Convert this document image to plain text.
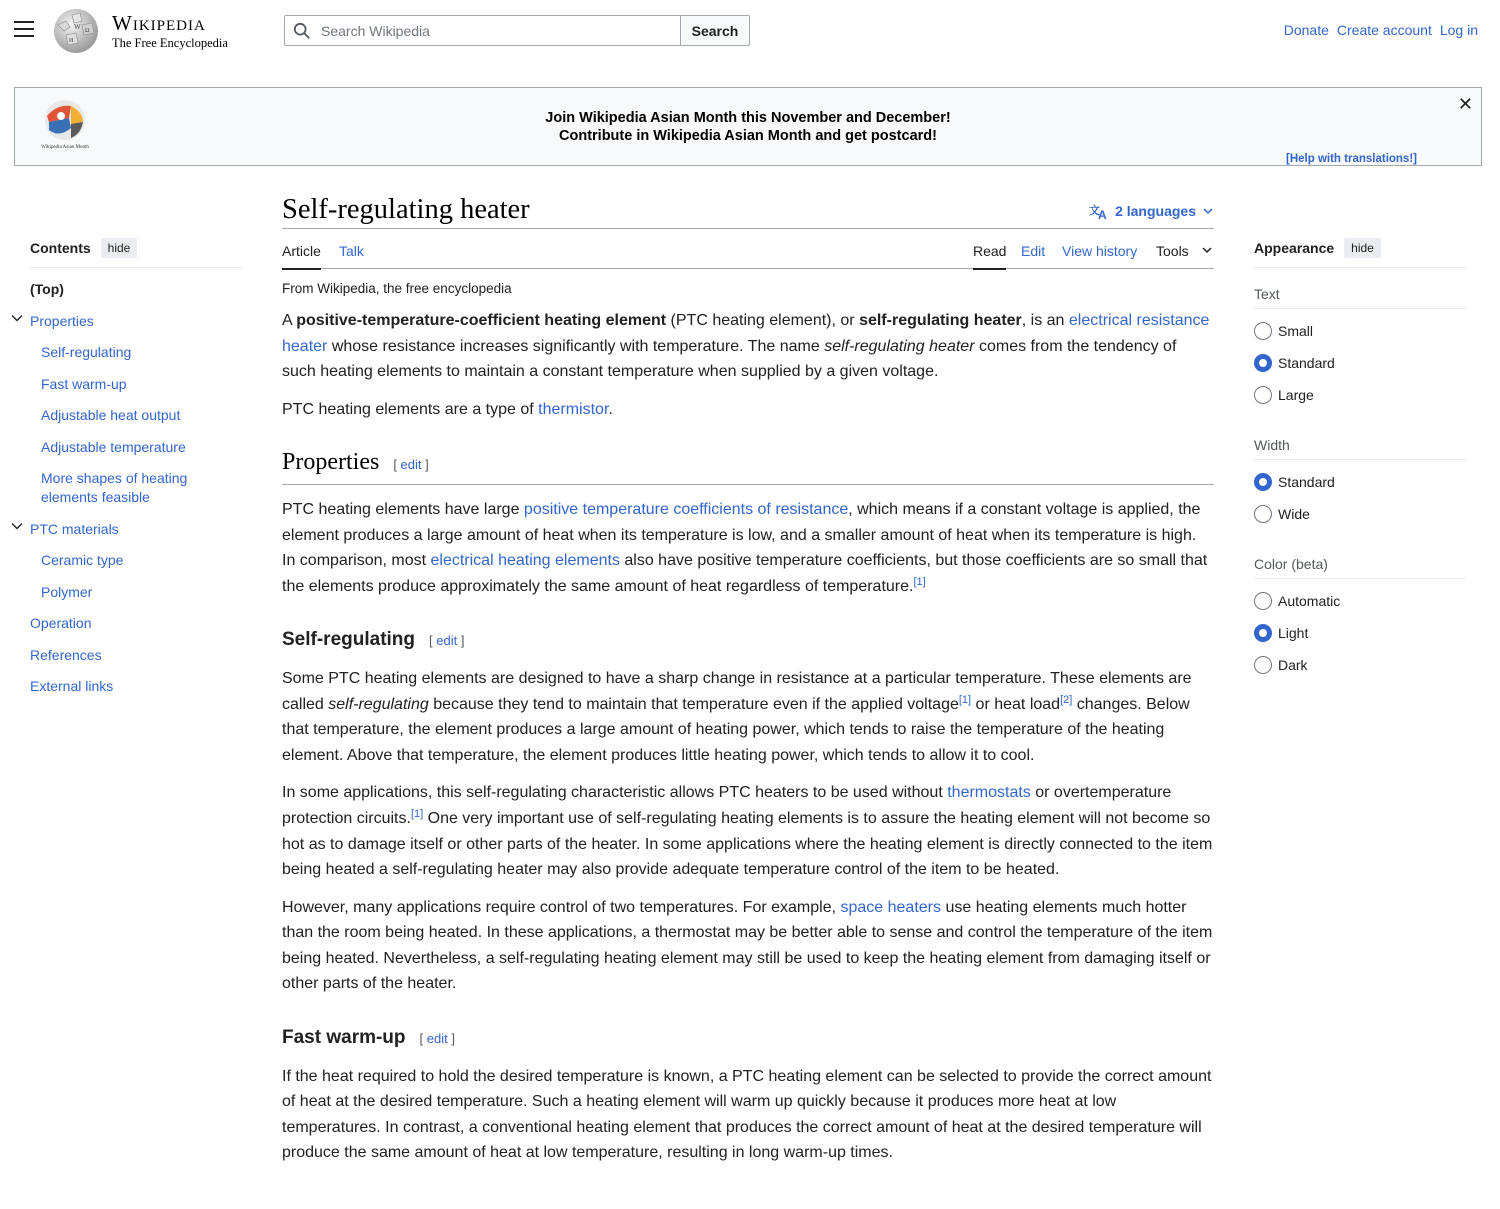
W Ω
И
Wikipedia
The Free Encyclopedia
Search Wikipedia
Search	Donate Create account Log in
Wikipedia Asian Month
Join Wikipedia Asian Month this November and December!
Contribute in Wikipedia Asian Month and get postcard!
✕
[Help with translations!]
Contents	hide
(Top)
Properties
Self-regulating
Fast warm-up
Adjustable heat output
Adjustable temperature
More shapes of heating elements feasible
PTC materials
Ceramic type
Polymer
Operation
References
External links
Self-regulating heater	文
A 2 languages
Article Talk	Read Edit View history Tools
From Wikipedia, the free encyclopedia

A positive-temperature-coefficient heating element (PTC heating element), or self-regulating heater, is an electrical resistance heater whose resistance increases significantly with temperature. The name self-regulating heater comes from the tendency of such heating elements to maintain a constant temperature when supplied by a given voltage.

PTC heating elements are a type of thermistor.

Properties [ edit ]

PTC heating elements have large positive temperature coefficients of resistance, which means if a constant voltage is applied, the element produces a large amount of heat when its temperature is low, and a smaller amount of heat when its temperature is high. In comparison, most electrical heating elements also have positive temperature coefficients, but those coefficients are so small that the elements produce approximately the same amount of heat regardless of temperature.[1]

Self-regulating [ edit ]

Some PTC heating elements are designed to have a sharp change in resistance at a particular temperature. These elements are called self-regulating because they tend to maintain that temperature even if the applied voltage[1] or heat load[2] changes. Below that temperature, the element produces a large amount of heating power, which tends to raise the temperature of the heating element. Above that temperature, the element produces little heating power, which tends to allow it to cool.

In some applications, this self-regulating characteristic allows PTC heaters to be used without thermostats or overtemperature protection circuits.[1] One very important use of self-regulating heating elements is to assure the heating element will not become so hot as to damage itself or other parts of the heater. In some applications where the heating element is directly connected to the item being heated a self-regulating heater may also provide adequate temperature control of the item to be heated.

However, many applications require control of two temperatures. For example, space heaters use heating elements much hotter than the room being heated. In these applications, a thermostat may be better able to sense and control the temperature of the item being heated. Nevertheless, a self-regulating heating element may still be used to keep the heating element from damaging itself or other parts of the heater.

Fast warm-up [ edit ]

If the heat required to hold the desired temperature is known, a PTC heating element can be selected to provide the correct amount of heat at the desired temperature. Such a heating element will warm up quickly because it produces more heat at low temperatures. In contrast, a conventional heating element that produces the correct amount of heat at the desired temperature will produce the same amount of heat at low temperature, resulting in long warm-up times.

Appearance	hide
Text
Small
Standard
Large
Width
Standard
Wide
Color (beta)
Automatic
Light
Dark
